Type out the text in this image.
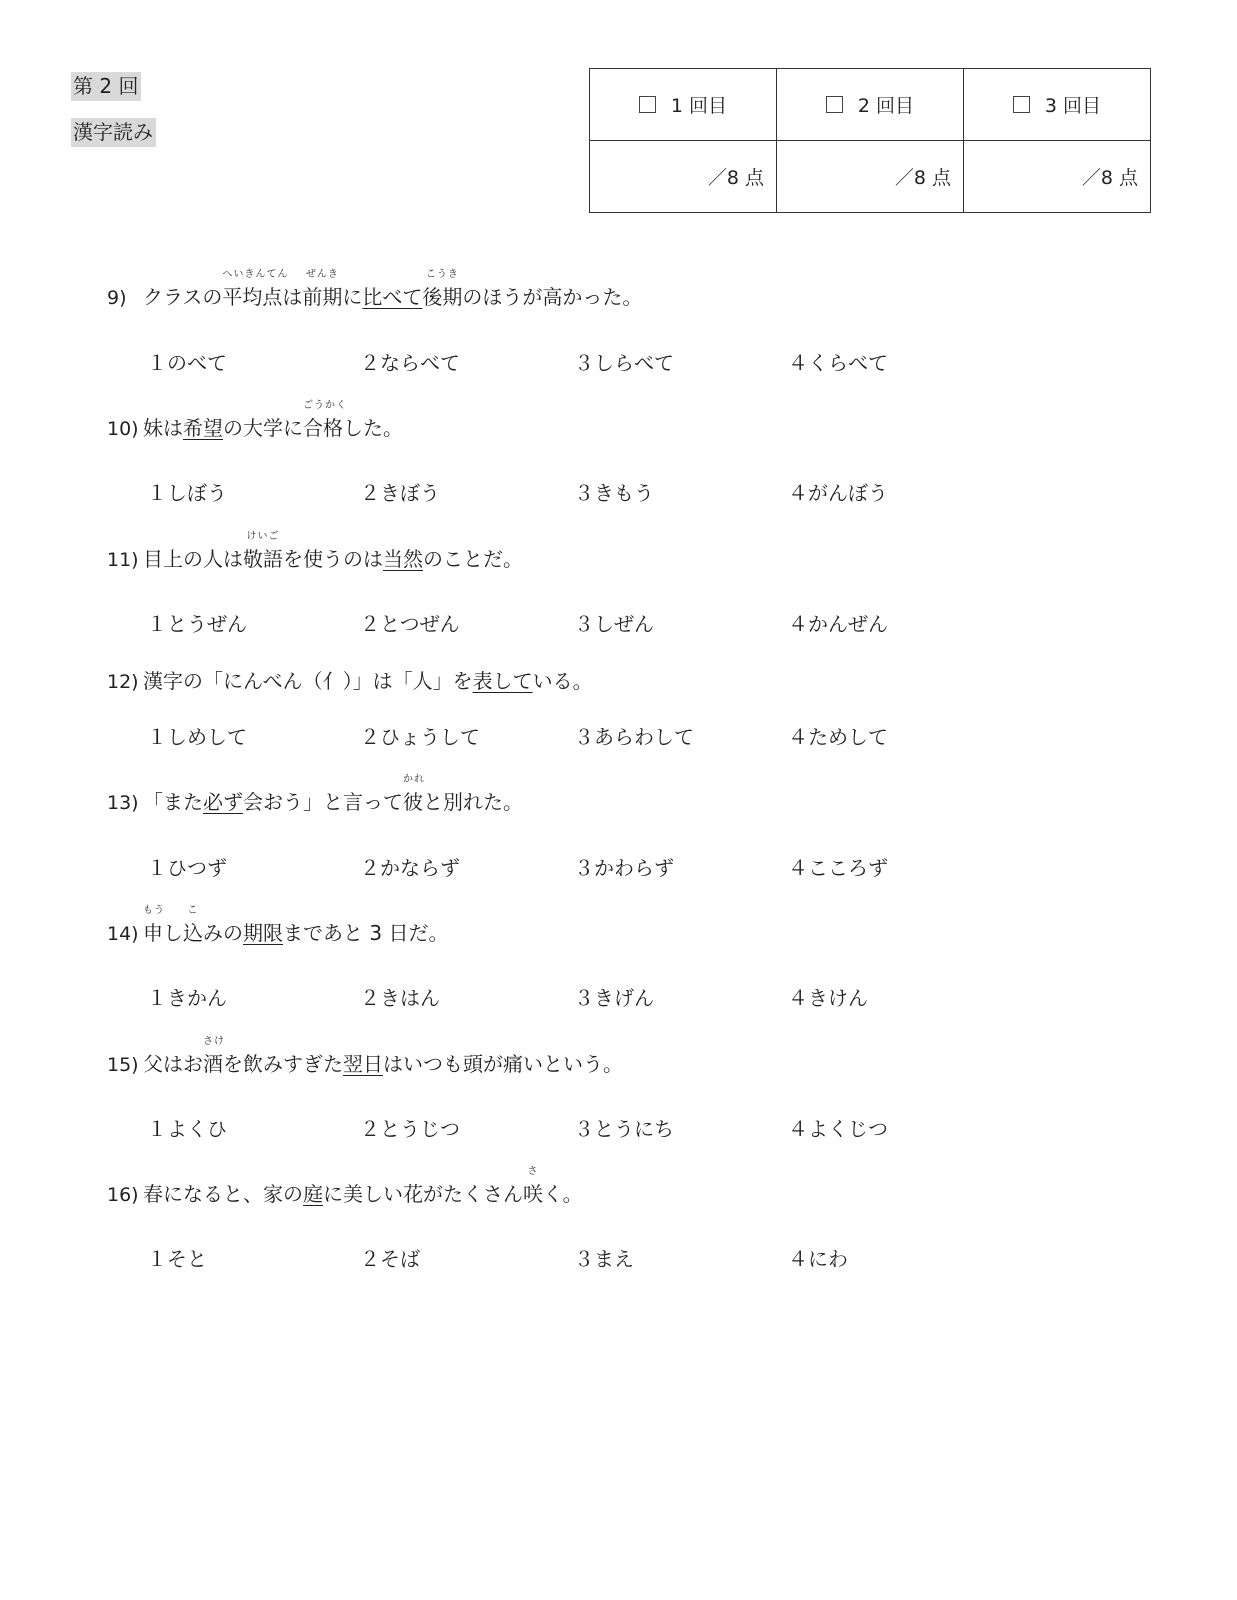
第 2 回
漢字読み
1 回目	2 回目	3 回目
／8 点	／8 点	／8 点
9) クラスの平均点
へいきんてん
は前期
ぜんき
に比べて後期
こうき
のほうが高かった。
１のべて	２ならべて	３しらべて	４くらべて
10) 妹は希望の大学に合格
ごうかく
した。
１しぼう	２きぼう	３きもう	４がんぼう
11) 目上の人は敬語
けいご
を使うのは当然のことだ。
１とうぜん	２とつぜん	３しぜん	４かんぜん
12) 漢字の「にんべん（亻）」は「人」を表している。
１しめして	２ひょうして	３あらわして	４ためして
13) 「また必ず会おう」と言って彼
かれ
と別れた。
１ひつず	２かならず	３かわらず	４こころず
14) 申
もう
し込
こ
みの期限まであと 3 日だ。
１きかん	２きはん	３きげん	４きけん
15) 父はお酒
さけ
を飲みすぎた翌日はいつも頭が痛いという。
１よくひ	２とうじつ	３とうにち	４よくじつ
16) 春になると、家の庭に美しい花がたくさん咲
さ
く。
１そと	２そば	３まえ	４にわ
